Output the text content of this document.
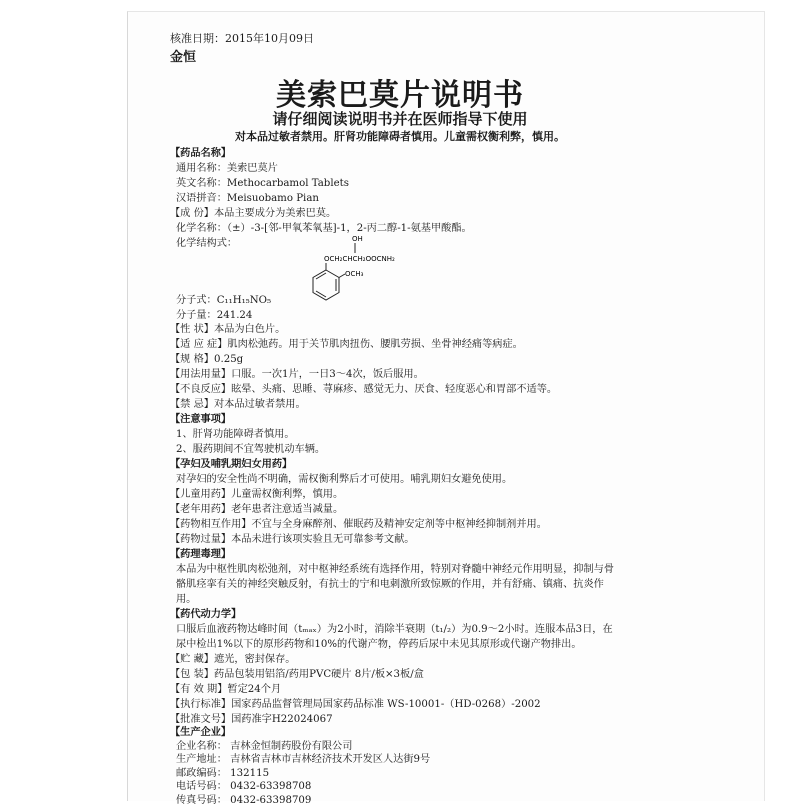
核准日期：2015年10月09日
金恒
美索巴莫片说明书
请仔细阅读说明书并在医师指导下使用
对本品过敏者禁用。肝肾功能障碍者慎用。儿童需权衡利弊，慎用。
【药品名称】
通用名称：美索巴莫片
英文名称：Methocarbamol Tablets
汉语拼音：Meisuobamo Pian
【成 份】本品主要成分为美索巴莫。
化学名称：（±）-3-[邻-甲氧苯氧基]-1，2-丙二醇-1-氨基甲酸酯。
化学结构式：	OH
OCH₂CHCH₂OOCNH₂
OCH₃
分子式：C₁₁H₁₅NO₅
分子量：241.24
【性 状】本品为白色片。
【适 应 症】肌肉松弛药。用于关节肌肉扭伤、腰肌劳损、坐骨神经痛等病症。
【规 格】0.25g
【用法用量】口服。一次1片，一日3～4次，饭后服用。
【不良反应】眩晕、头痛、思睡、荨麻疹、感觉无力、厌食、轻度恶心和胃部不适等。
【禁 忌】对本品过敏者禁用。
【注意事项】
1、肝肾功能障碍者慎用。
2、服药期间不宜驾驶机动车辆。
【孕妇及哺乳期妇女用药】
对孕妇的安全性尚不明确，需权衡利弊后才可使用。哺乳期妇女避免使用。
【儿童用药】儿童需权衡利弊，慎用。
【老年用药】老年患者注意适当减量。
【药物相互作用】不宜与全身麻醉剂、催眠药及精神安定剂等中枢神经抑制剂并用。
【药物过量】本品未进行该项实验且无可靠参考文献。
【药理毒理】
本品为中枢性肌肉松弛剂，对中枢神经系统有选择作用，特别对脊髓中神经元作用明显，抑制与骨骼肌痉挛有关的神经突触反射，有抗士的宁和电刺激所致惊厥的作用，并有舒痛、镇痛、抗炎作用。
【药代动力学】
口服后血液药物达峰时间（tₘₐₓ）为2小时，消除半衰期（t₁/₂）为0.9～2小时。连服本品3日，在尿中检出1%以下的原形药物和10%的代谢产物，停药后尿中未见其原形或代谢产物排出。
【贮 藏】遮光，密封保存。
【包 装】药品包装用铝箔/药用PVC硬片 8片/板×3板/盒
【有 效 期】暂定24个月
【执行标准】国家药品监督管理局国家药品标准 WS-10001-（HD-0268）-2002
【批准文号】国药准字H22024067
【生产企业】
企业名称： 吉林金恒制药股份有限公司
生产地址： 吉林省吉林市吉林经济技术开发区人达街9号
邮政编码： 132115
电话号码： 0432-63398708
传真号码： 0432-63398709
